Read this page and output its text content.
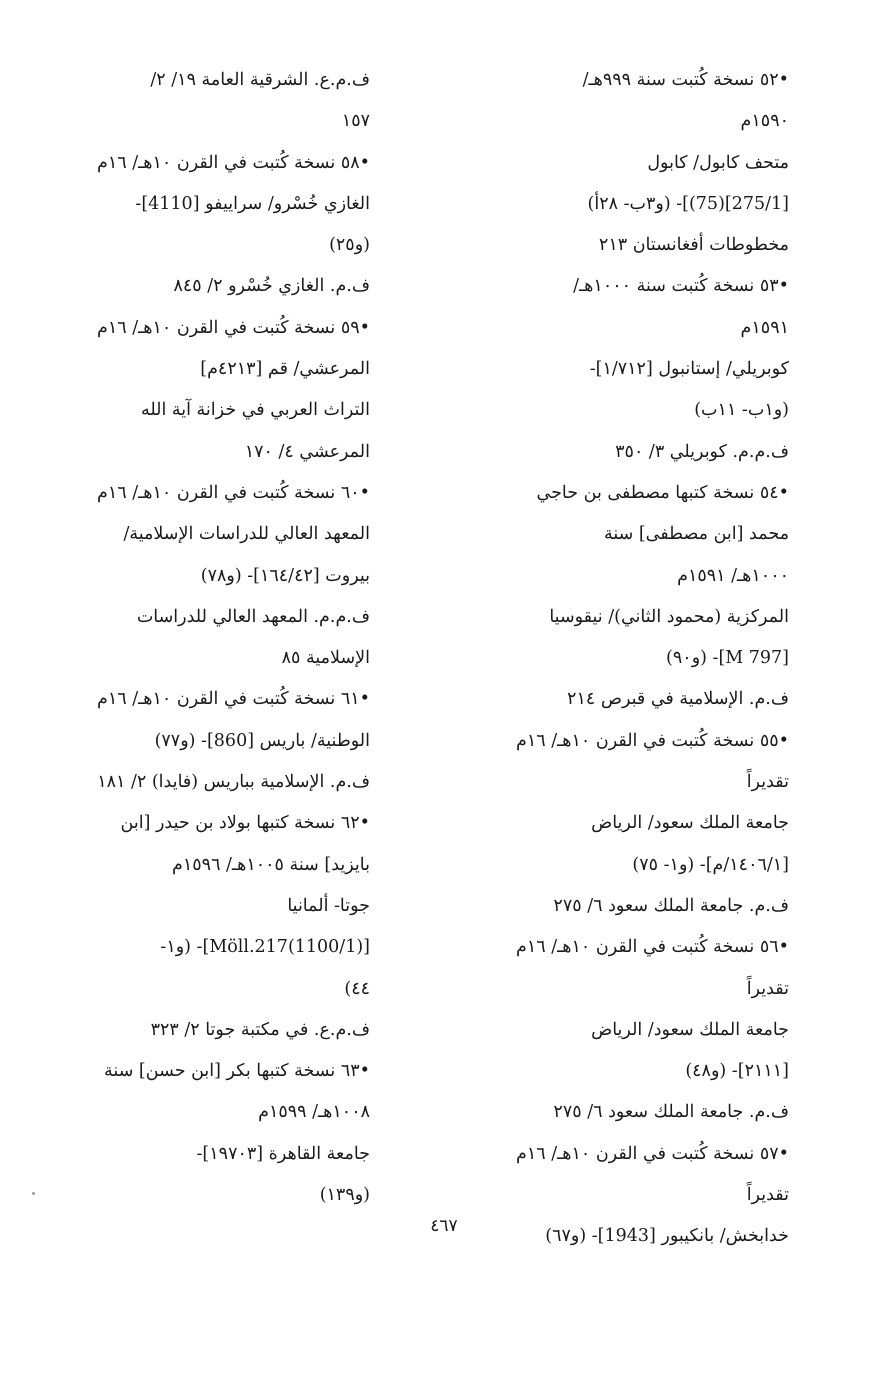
•٥٢ نسخة كُتبت سنة ٩٩٩هـ/
١٥٩٠م
متحف كابول/ كابول
[275/1](75)]- (و٣ب- ٢٨أ)
مخطوطات أفغانستان ٢١٣
•٥٣ نسخة كُتبت سنة ١٠٠٠هـ/
١٥٩١م
كوبريلي/ إستانبول [١/٧١٢]-
(و١ب- ١١ب)
ف.م.م. كوبريلي ٣/ ٣٥٠
•٥٤ نسخة كتبها مصطفى بن حاجي
محمد [ابن مصطفى] سنة
١٠٠٠هـ/ ١٥٩١م
المركزية (محمود الثاني)/ نيقوسيا
[M 797]- (و٩٠)
ف.م. الإسلامية في قبرص ٢١٤
•٥٥ نسخة كُتبت في القرن ١٠هـ/ ١٦م
تقديراً
جامعة الملك سعود/ الرياض
[١٤٠٦/١/م]- (و١- ٧٥)
ف.م. جامعة الملك سعود ٦/ ٢٧٥
•٥٦ نسخة كُتبت في القرن ١٠هـ/ ١٦م
تقديراً
جامعة الملك سعود/ الرياض
[٢١١١]- (و٤٨)
ف.م. جامعة الملك سعود ٦/ ٢٧٥
•٥٧ نسخة كُتبت في القرن ١٠هـ/ ١٦م
تقديراً
خدابخش/ بانكيبور [1943]- (و٦٧)
ف.م.ع. الشرقية العامة ١٩/ ٢/
١٥٧
•٥٨ نسخة كُتبت في القرن ١٠هـ/ ١٦م
الغازي خُسْرو/ سراييفو [4110]-
(و٢٥)
ف.م. الغازي خُسْرو ٢/ ٨٤٥
•٥٩ نسخة كُتبت في القرن ١٠هـ/ ١٦م
المرعشي/ قم [٤٢١٣م]
التراث العربي في خزانة آية الله
المرعشي ٤/ ١٧٠
•٦٠ نسخة كُتبت في القرن ١٠هـ/ ١٦م
المعهد العالي للدراسات الإسلامية/
بيروت [١٦٤/٤٢]- (و٧٨)
ف.م.م. المعهد العالي للدراسات
الإسلامية ٨٥
•٦١ نسخة كُتبت في القرن ١٠هـ/ ١٦م
الوطنية/ باريس [860]- (و٧٧)
ف.م. الإسلامية بباريس (فايدا) ٢/ ١٨١
•٦٢ نسخة كتبها بولاد بن حيدر [ابن
بايزيد] سنة ١٠٠٥هـ/ ١٥٩٦م
جوتا- ألمانيا
[(1100/1)Möll.217]- (و١-
٤٤)
ف.م.ع. في مكتبة جوتا ٢/ ٣٢٣
•٦٣ نسخة كتبها بكر [ابن حسن] سنة
١٠٠٨هـ/ ١٥٩٩م
جامعة القاهرة [١٩٧٠٣]-
(و١٣٩)
٤٦٧
